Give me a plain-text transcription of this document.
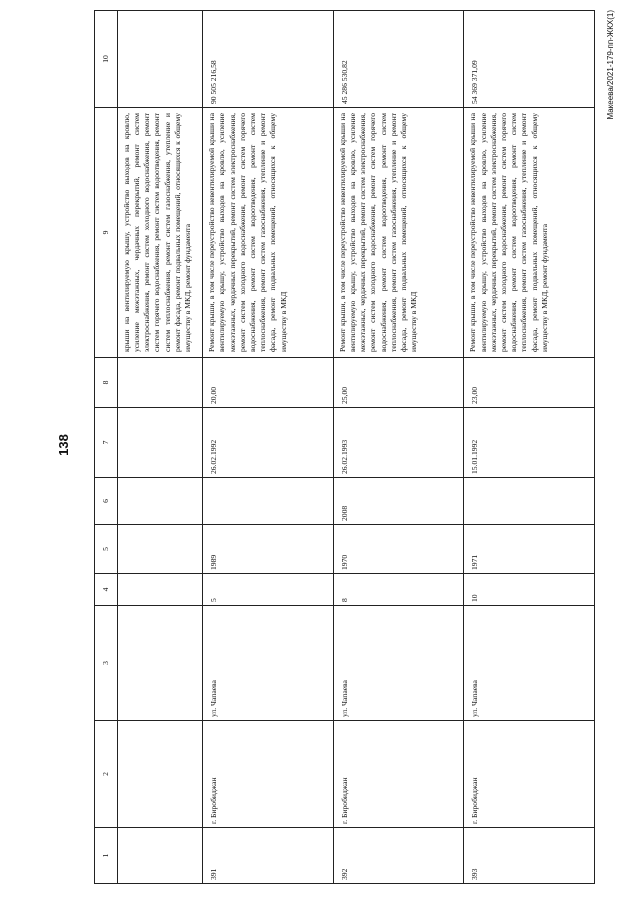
138
1	2	3	4	5	6	7	8	9	10
								крыши на вентилируемую крышу, устройство выходов на кровлю, усиление межэтажных, чердачных перекрытий, ремонт систем электроснабжения, ремонт систем холодного водоснабжения, ремонт систем горячего водоснабжения, ремонт систем водоотведения, ремонт систем теплоснабжения, ремонт систем газоснабжения, утепление и ремонт фасада, ремонт подвальных помещений, относящихся к общему имуществу в МКД, ремонт фундамента	
391	г. Биробиджан	ул. Чапаева	5	1989		26.02.1992	20,00	Ремонт крыши, в том числе переустройство невентилируемой крыши на вентилируемую крышу, устройство выходов на кровлю, усиление межэтажных, чердачных перекрытий, ремонт систем электроснабжения, ремонт систем холодного водоснабжения, ремонт систем горячего водоснабжения, ремонт систем водоотведения, ремонт систем теплоснабжения, ремонт систем газоснабжения, утепление и ремонт фасада, ремонт подвальных помещений, относящихся к общему имуществу в МКД	90 505 216,58
392	г. Биробиджан	ул. Чапаева	8	1970	2008	26.02.1993	25,00	Ремонт крыши, в том числе переустройство невентилируемой крыши на вентилируемую крышу, устройство выходов на кровлю, усиление межэтажных, чердачных перекрытий, ремонт систем электроснабжения, ремонт систем холодного водоснабжения, ремонт систем горячего водоснабжения, ремонт систем водоотведения, ремонт систем теплоснабжения, ремонт систем газоснабжения, утепление и ремонт фасада, ремонт подвальных помещений, относящихся к общему имуществу в МКД	45 286 530,82
393	г. Биробиджан	ул. Чапаева	10	1971		15.01.1992	23,00	Ремонт крыши, в том числе переустройство невентилируемой крыши на вентилируемую крышу, устройство выходов на кровлю, усиление межэтажных, чердачных перекрытий, ремонт систем электроснабжения, ремонт систем холодного водоснабжения, ремонт систем горячего водоснабжения, ремонт систем водоотведения, ремонт систем теплоснабжения, ремонт систем газоснабжения, утепление и ремонт фасада, ремонт подвальных помещений, относящихся к общему имуществу в МКД, ремонт фундамента	54 369 371,09	Макеева/2021-179-пп-ЖКХ(1)
